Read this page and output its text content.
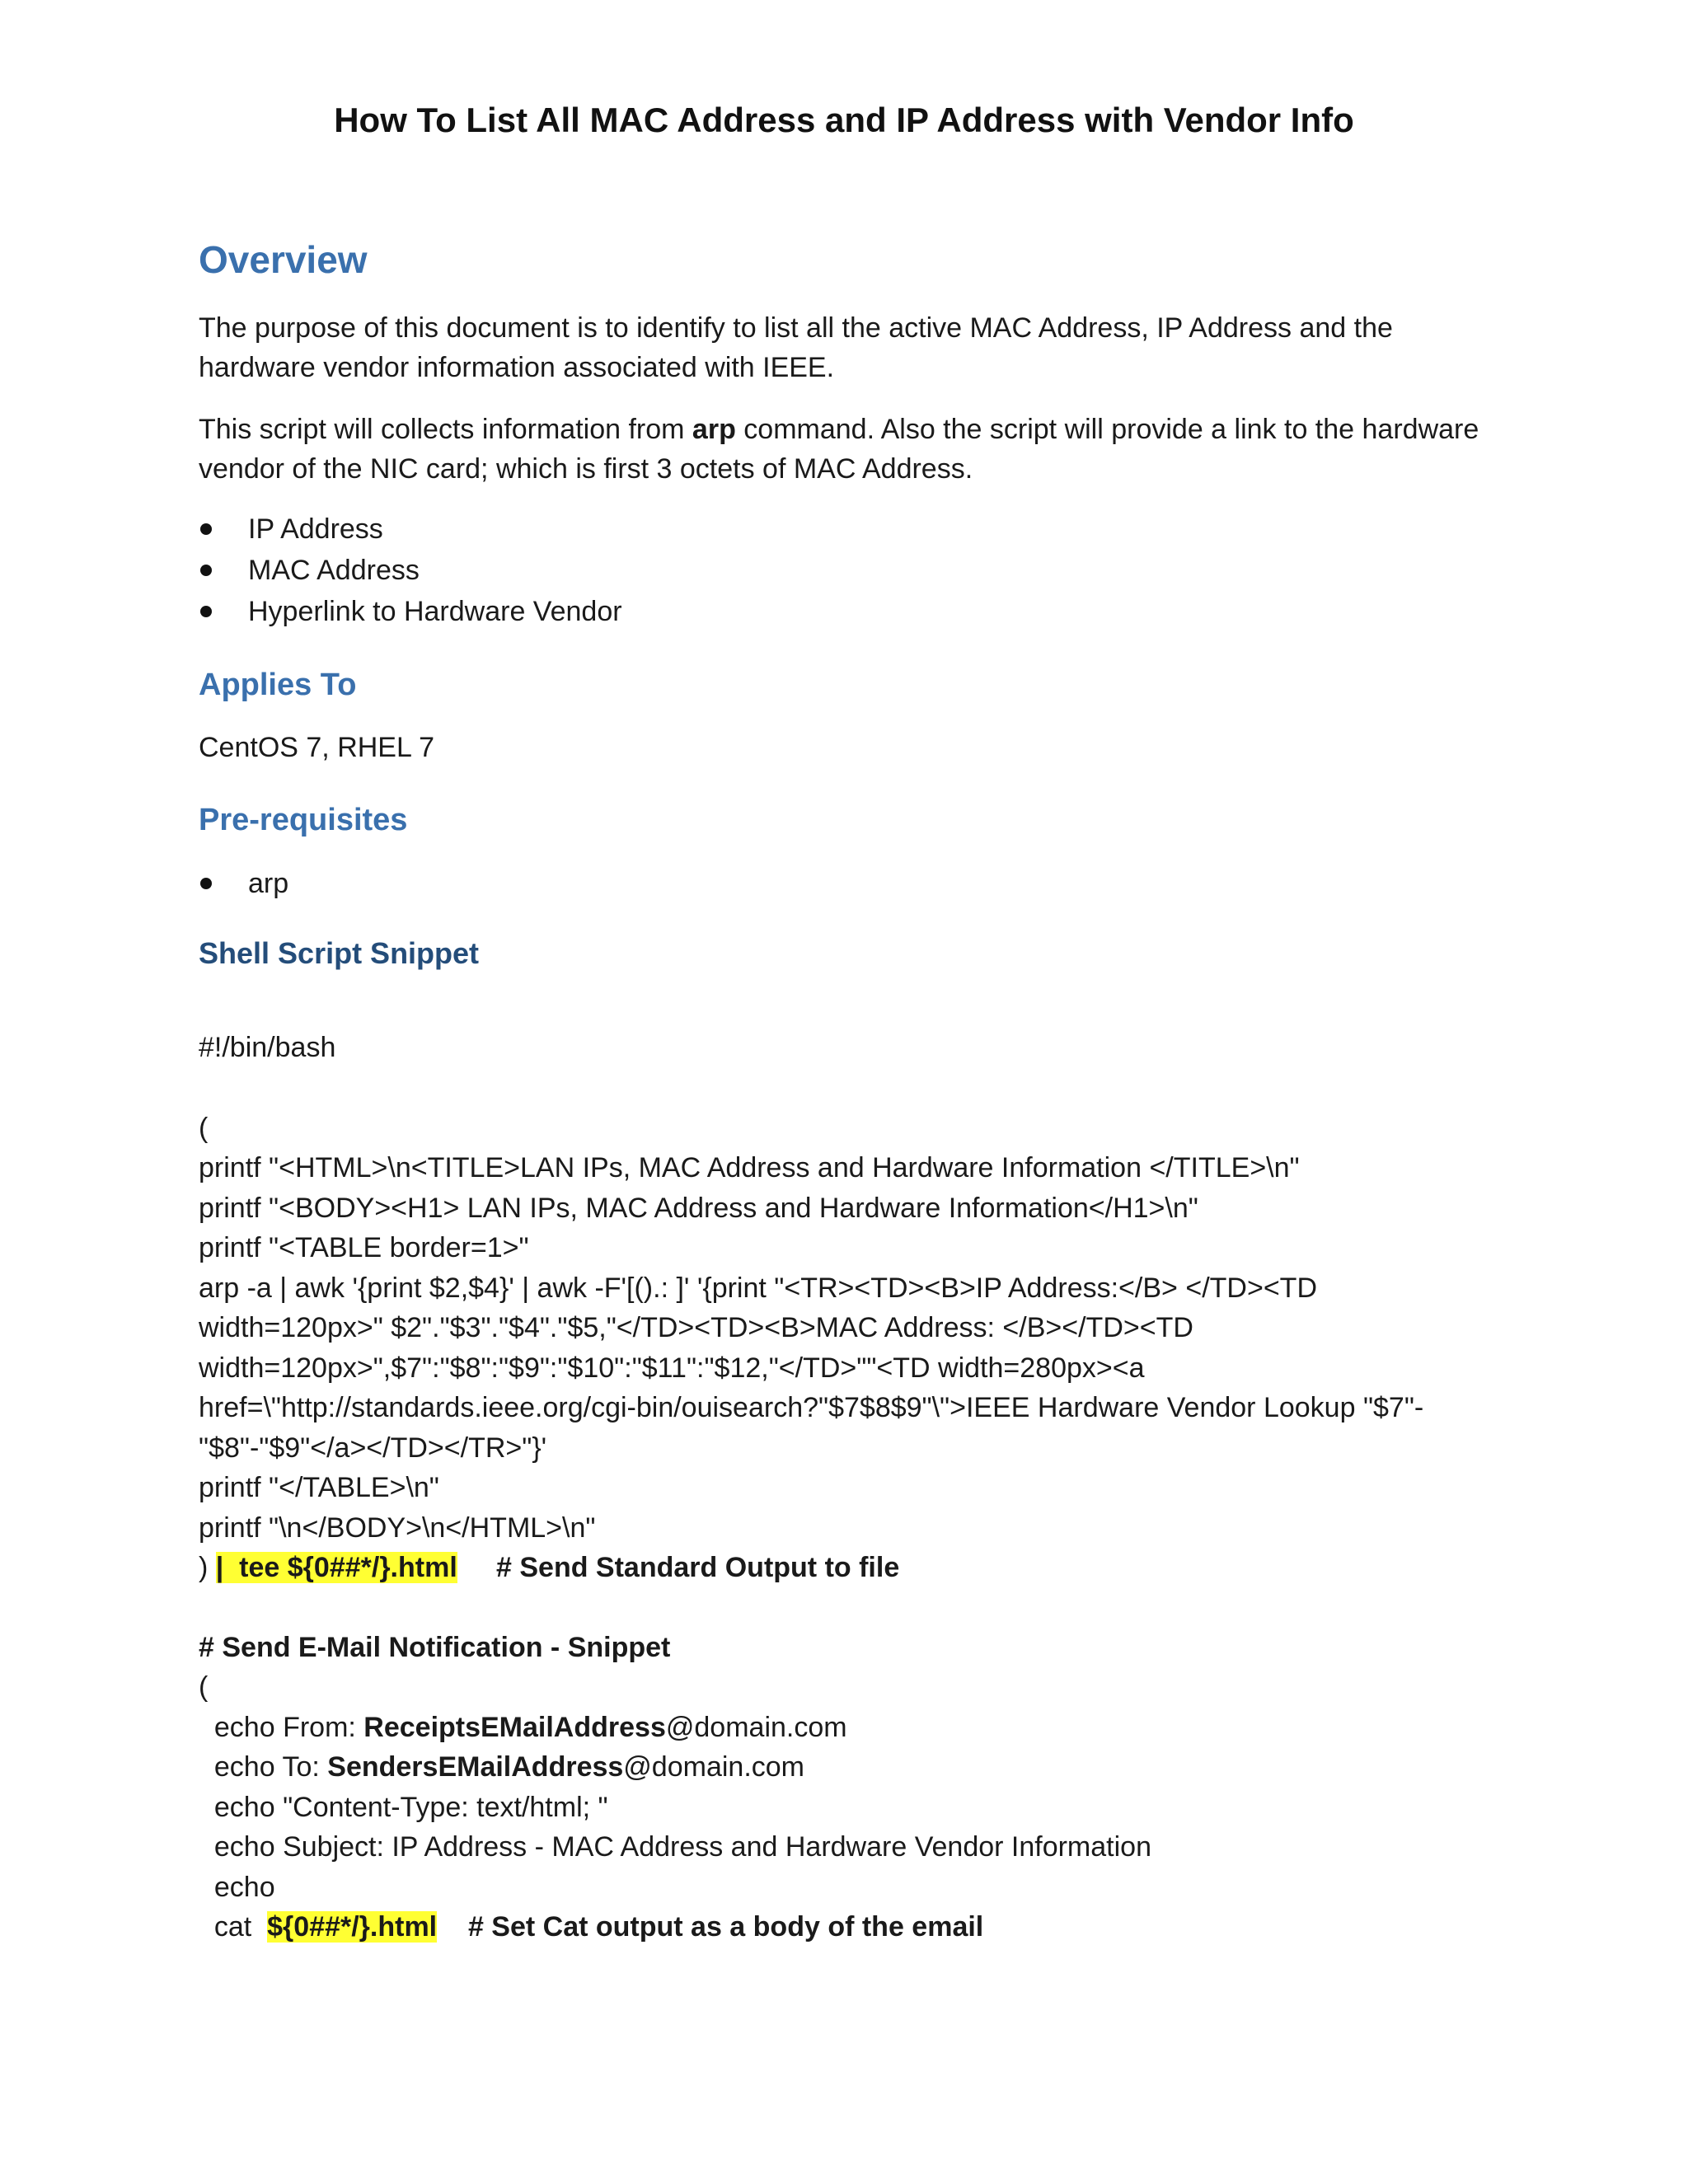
How To List All MAC Address and IP Address with Vendor Info
Overview

The purpose of this document is to identify to list all the active MAC Address, IP Address and the hardware vendor information associated with IEEE.

This script will collects information from arp command. Also the script will provide a link to the hardware vendor of the NIC card; which is first 3 octets of MAC Address.

IP Address
MAC Address
Hyperlink to Hardware Vendor
Applies To

CentOS 7, RHEL 7

Pre-requisites
arp
Shell Script Snippet
#!/bin/bash
(
printf "<HTML>\n<TITLE>LAN IPs, MAC Address and Hardware Information </TITLE>\n"
printf "<BODY><H1> LAN IPs, MAC Address and Hardware Information</H1>\n"
printf "<TABLE border=1>"
arp -a | awk '{print $2,$4}' | awk -F'[().: ]' '{print "<TR><TD><B>IP Address:</B> </TD><TD
width=120px>" $2"."$3"."$4"."$5,"</TD><TD><B>MAC Address: </B></TD><TD
width=120px>",$7":"$8":"$9":"$10":"$11":"$12,"</TD>""<TD width=280px><a
href=\"http://standards.ieee.org/cgi-bin/ouisearch?"$7$8$9"\">IEEE Hardware Vendor Lookup "$7"-
"$8"-"$9"</a></TD></TR>"}'
printf "</TABLE>\n"
printf "\n</BODY>\n</HTML>\n"
) |  tee ${0##*/}.html # Send Standard Output to file
# Send E-Mail Notification - Snippet
(
echo From: ReceiptsEMailAddress@domain.com
echo To: SendersEMailAddress@domain.com
echo "Content-Type: text/html; "
echo Subject: IP Address - MAC Address and Hardware Vendor Information
echo
cat  ${0##*/}.html # Set Cat output as a body of the email
